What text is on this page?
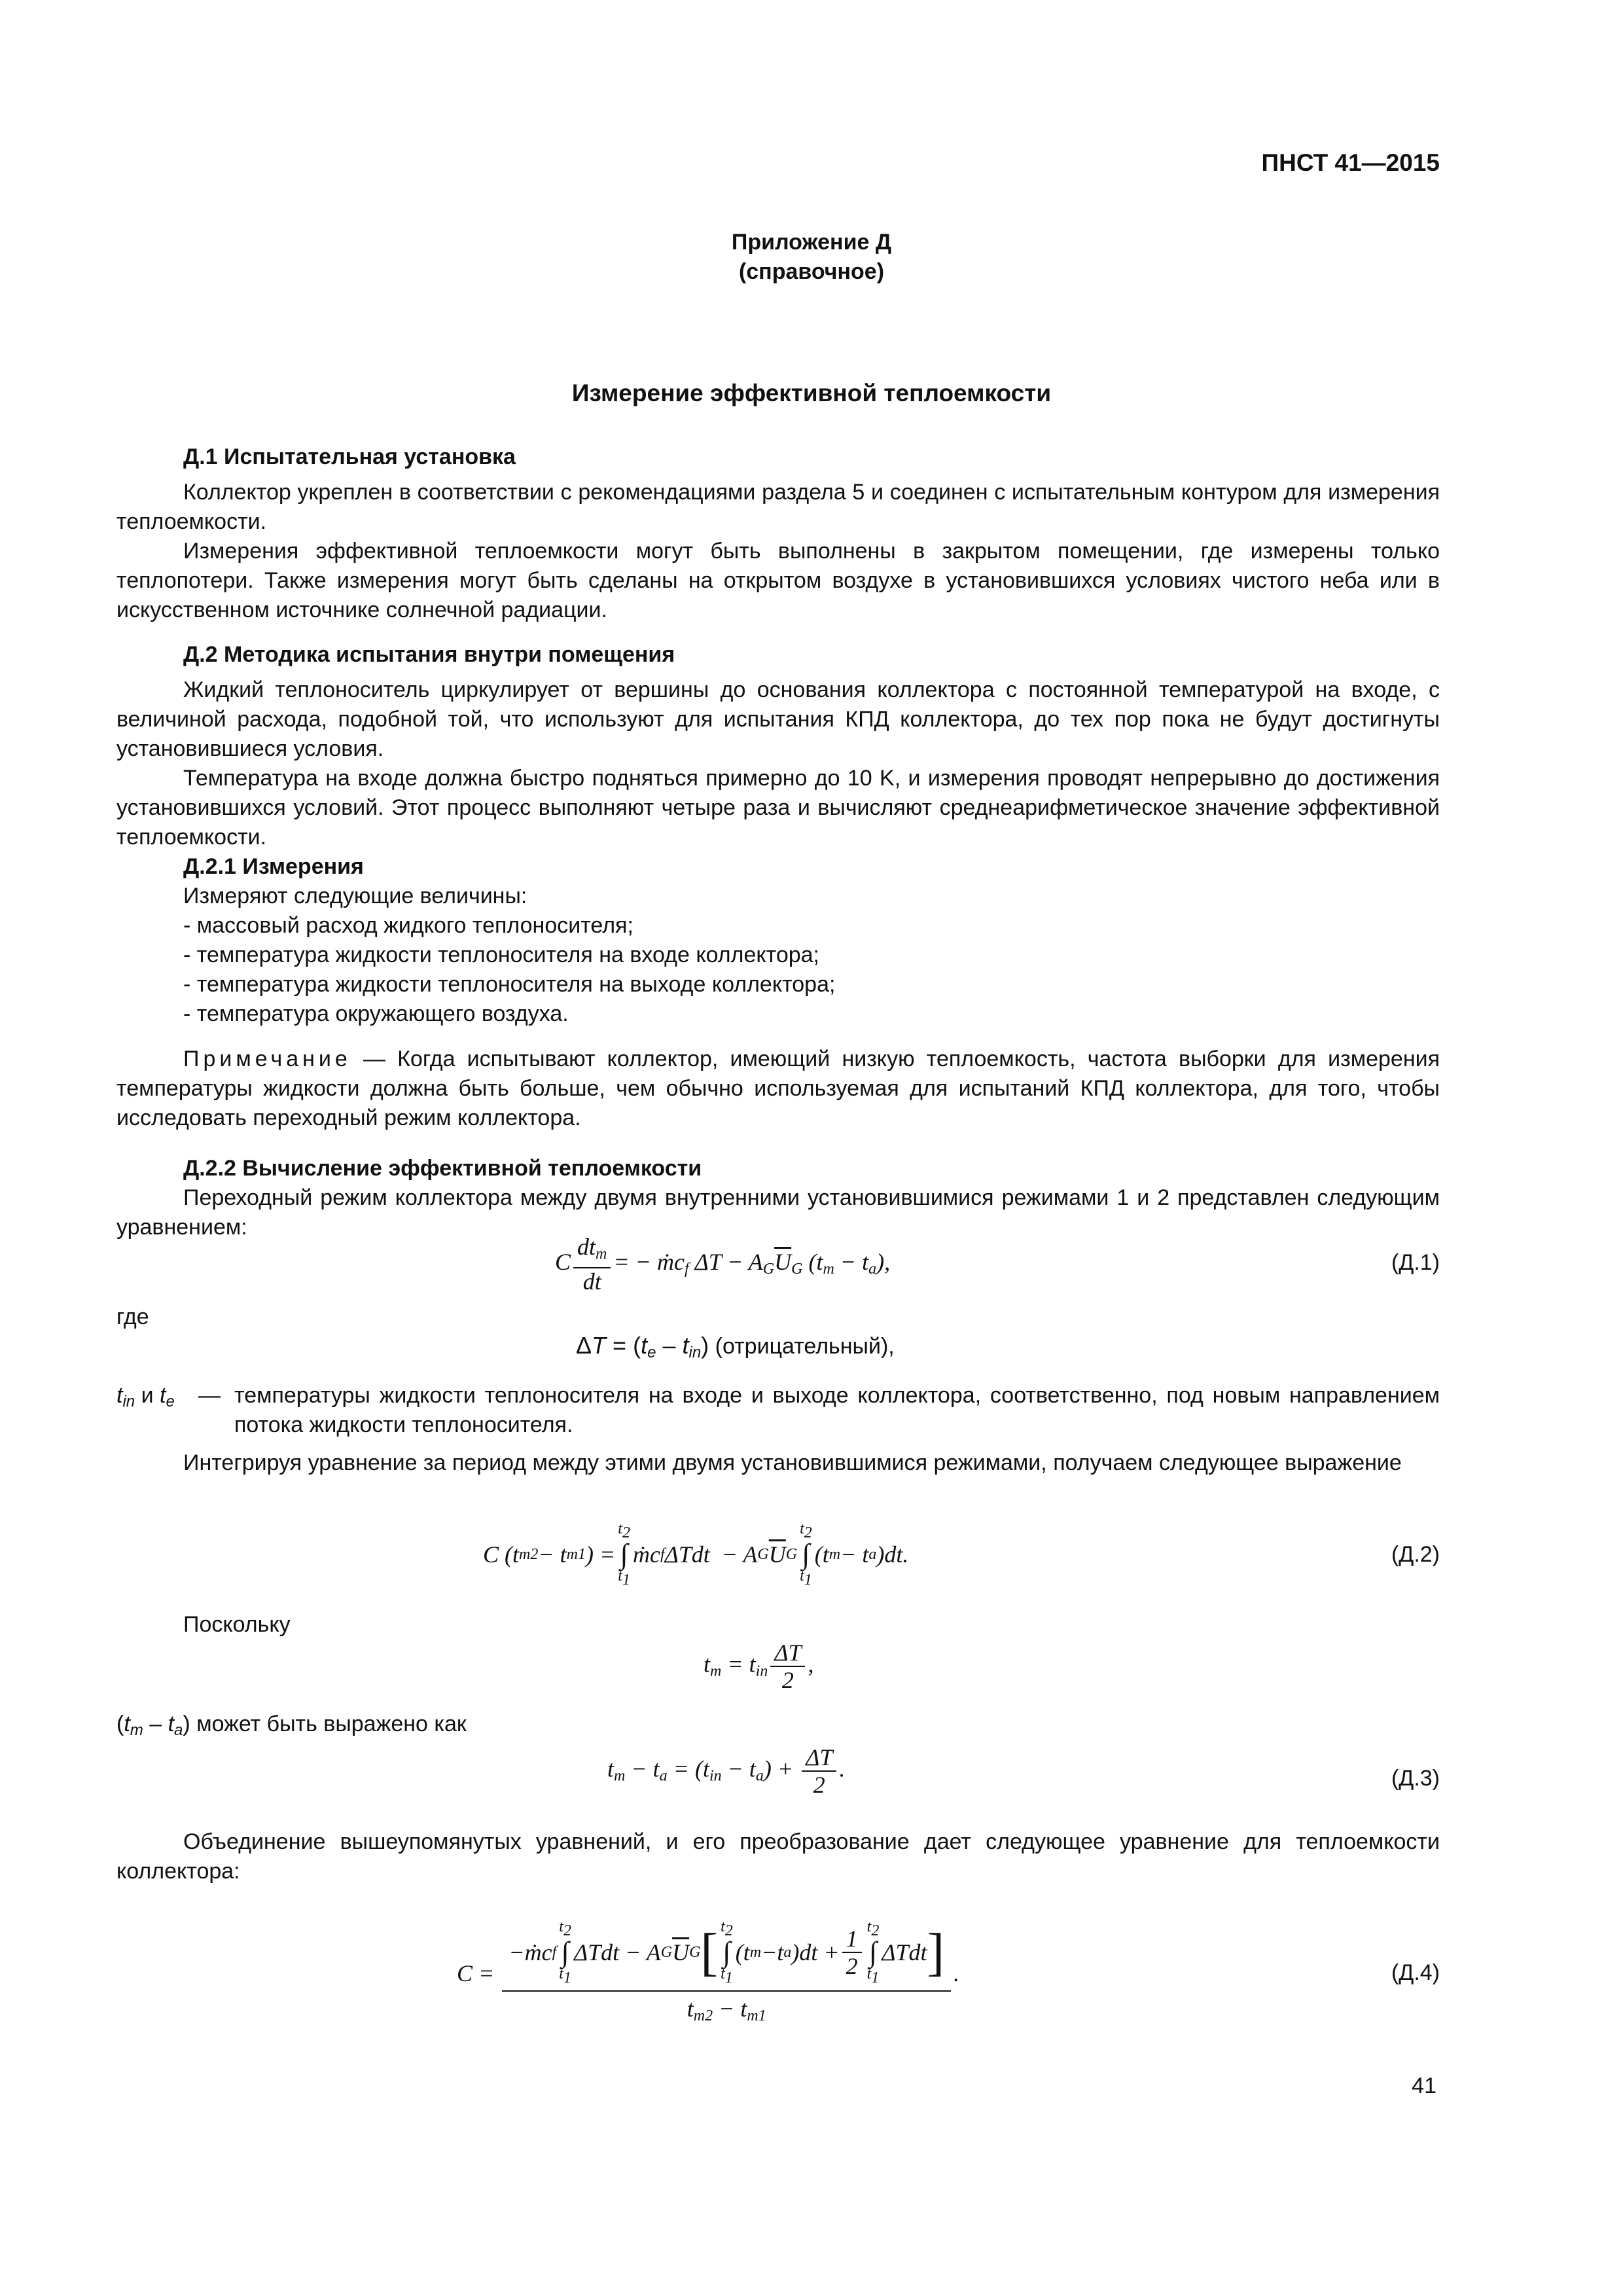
ПНСТ 41—2015
Приложение Д
(справочное)
Измерение эффективной теплоемкости
Д.1 Испытательная установка
Коллектор укреплен в соответствии с рекомендациями раздела 5 и соединен с испытательным контуром для измерения теплоемкости.
Измерения эффективной теплоемкости могут быть выполнены в закрытом помещении, где измерены только теплопотери. Также измерения могут быть сделаны на открытом воздухе в установившихся условиях чистого неба или в искусственном источнике солнечной радиации.
Д.2 Методика испытания внутри помещения
Жидкий теплоноситель циркулирует от вершины до основания коллектора с постоянной температурой на входе, с величиной расхода, подобной той, что используют для испытания КПД коллектора, до тех пор пока не будут достигнуты установившиеся условия.
Температура на входе должна быстро подняться примерно до 10 K, и измерения проводят непрерывно до достижения установившихся условий. Этот процесс выполняют четыре раза и вычисляют среднеарифметическое значение эффективной теплоемкости.
Д.2.1 Измерения
Измеряют следующие величины:
- массовый расход жидкого теплоносителя;
- температура жидкости теплоносителя на входе коллектора;
- температура жидкости теплоносителя на выходе коллектора;
- температура окружающего воздуха.
Примечание — Когда испытывают коллектор, имеющий низкую теплоемкость, частота выборки для измерения температуры жидкости должна быть больше, чем обычно используемая для испытаний КПД коллектора, для того, чтобы исследовать переходный режим коллектора.
Д.2.2 Вычисление эффективной теплоемкости
Переходный режим коллектора между двумя внутренними установившимися режимами 1 и 2 представлен следующим уравнением:
C $\frac{dt_m}{dt}$ = − ṁc$_f$ $\Delta T - A_G\overline{U}_G$ $(t_m - t_a)$,	(Д.1)
где
$\Delta T = (t_e - t_{in})$ (отрицательный),
$t_{in}$ и $t_e$ — температуры жидкости теплоносителя на входе и выходе коллектора, соответственно, под новым направлением потока жидкости теплоносителя.
Интегрируя уравнение за период между этими двумя установившимися режимами, получаем следующее выражение
C (t m2 − t m1 ) =
$t_2$
∫
$t_1$
ṁc f ΔTdt  − A G $\overline{U}$ G
$t_2$
∫
$t_1$
(t m − t a )dt.	(Д.2)
Поскольку
$t_m = t_{in} \frac{\Delta T}{2}$ ,
$(t_m - t_a)$ может быть выражено как
$t_m - t_a = (t_{in} - t_a) + \frac{\Delta T}{2}$ .	(Д.3)
Объединение вышеупомянутых уравнений, и его преобразование дает следующее уравнение для теплоемкости коллектора:
C =
−ṁc f
$t_2$
∫
$t_1$
ΔTdt − A G $\overline{U}$ G [ $t_2$
∫
$t_1$
(t m −t a )$dt + \frac{1}{2} t_2$
∫
$t_1$
ΔTdt ]
$t_{m2} - t_{m1}$
.	(Д.4)
41
